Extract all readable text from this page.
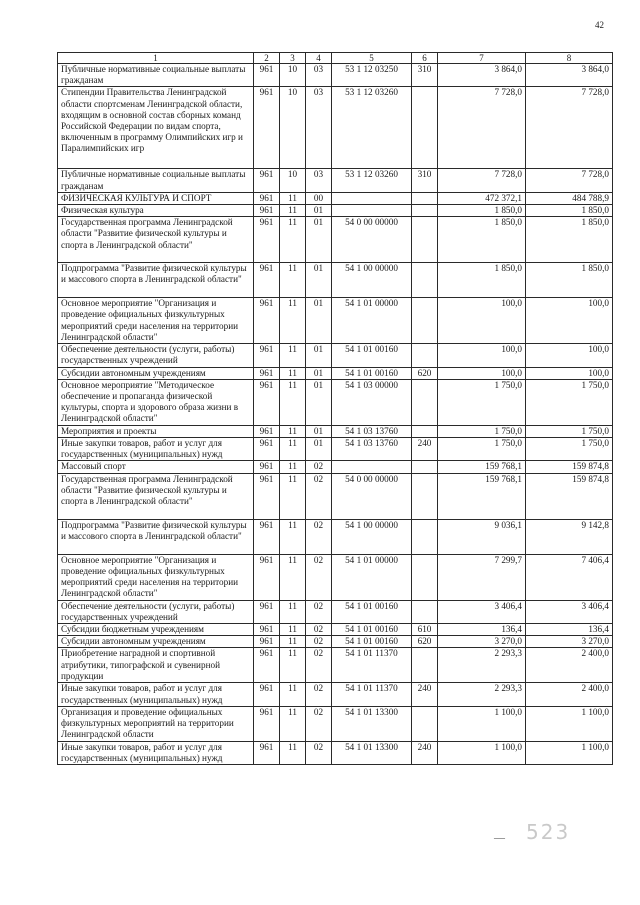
42
1	2	3	4	5	6	7	8
Публичные нормативные социальные выплаты гражданам	961	10	03	53 1 12 03250	310	3 864,0	3 864,0
Стипендии Правительства Ленинградской области спортсменам Ленинградской области, входящим в основной состав сборных команд Российской Федерации по видам спорта, включенным в программу Олимпийских игр и Паралимпийских игр	961	10	03	53 1 12 03260		7 728,0	7 728,0
Публичные нормативные социальные выплаты гражданам	961	10	03	53 1 12 03260	310	7 728,0	7 728,0
ФИЗИЧЕСКАЯ КУЛЬТУРА И СПОРТ	961	11	00			472 372,1	484 788,9
Физическая культура	961	11	01			1 850,0	1 850,0
Государственная программа Ленинградской области "Развитие физической культуры и спорта в Ленинградской области"	961	11	01	54 0 00 00000		1 850,0	1 850,0
Подпрограмма "Развитие физической культуры и массового спорта в Ленинградской области"	961	11	01	54 1 00 00000		1 850,0	1 850,0
Основное мероприятие "Организация и проведение официальных физкультурных мероприятий среди населения на территории Ленинградской области"	961	11	01	54 1 01 00000		100,0	100,0
Обеспечение деятельности (услуги, работы) государственных учреждений	961	11	01	54 1 01 00160		100,0	100,0
Субсидии автономным учреждениям	961	11	01	54 1 01 00160	620	100,0	100,0
Основное мероприятие "Методическое обеспечение и пропаганда физической культуры, спорта и здорового образа жизни в Ленинградской области"	961	11	01	54 1 03 00000		1 750,0	1 750,0
Мероприятия и проекты	961	11	01	54 1 03 13760		1 750,0	1 750,0
Иные закупки товаров, работ и услуг для государственных (муниципальных) нужд	961	11	01	54 1 03 13760	240	1 750,0	1 750,0
Массовый спорт	961	11	02			159 768,1	159 874,8
Государственная программа Ленинградской области "Развитие физической культуры и спорта в Ленинградской области"	961	11	02	54 0 00 00000		159 768,1	159 874,8
Подпрограмма "Развитие физической культуры и массового спорта в Ленинградской области"	961	11	02	54 1 00 00000		9 036,1	9 142,8
Основное мероприятие "Организация и проведение официальных физкультурных мероприятий среди населения на территории Ленинградской области"	961	11	02	54 1 01 00000		7 299,7	7 406,4
Обеспечение деятельности (услуги, работы) государственных учреждений	961	11	02	54 1 01 00160		3 406,4	3 406,4
Субсидии бюджетным учреждениям	961	11	02	54 1 01 00160	610	136,4	136,4
Субсидии автономным учреждениям	961	11	02	54 1 01 00160	620	3 270,0	3 270,0
Приобретение наградной и спортивной атрибутики, типографской и сувенирной продукции	961	11	02	54 1 01 11370		2 293,3	2 400,0
Иные закупки товаров, работ и услуг для государственных (муниципальных) нужд	961	11	02	54 1 01 11370	240	2 293,3	2 400,0
Организация и проведение официальных физкультурных мероприятий на территории Ленинградской области	961	11	02	54 1 01 13300		1 100,0	1 100,0
Иные закупки товаров, работ и услуг для государственных (муниципальных) нужд	961	11	02	54 1 01 13300	240	1 100,0	1 100,0
— 523
